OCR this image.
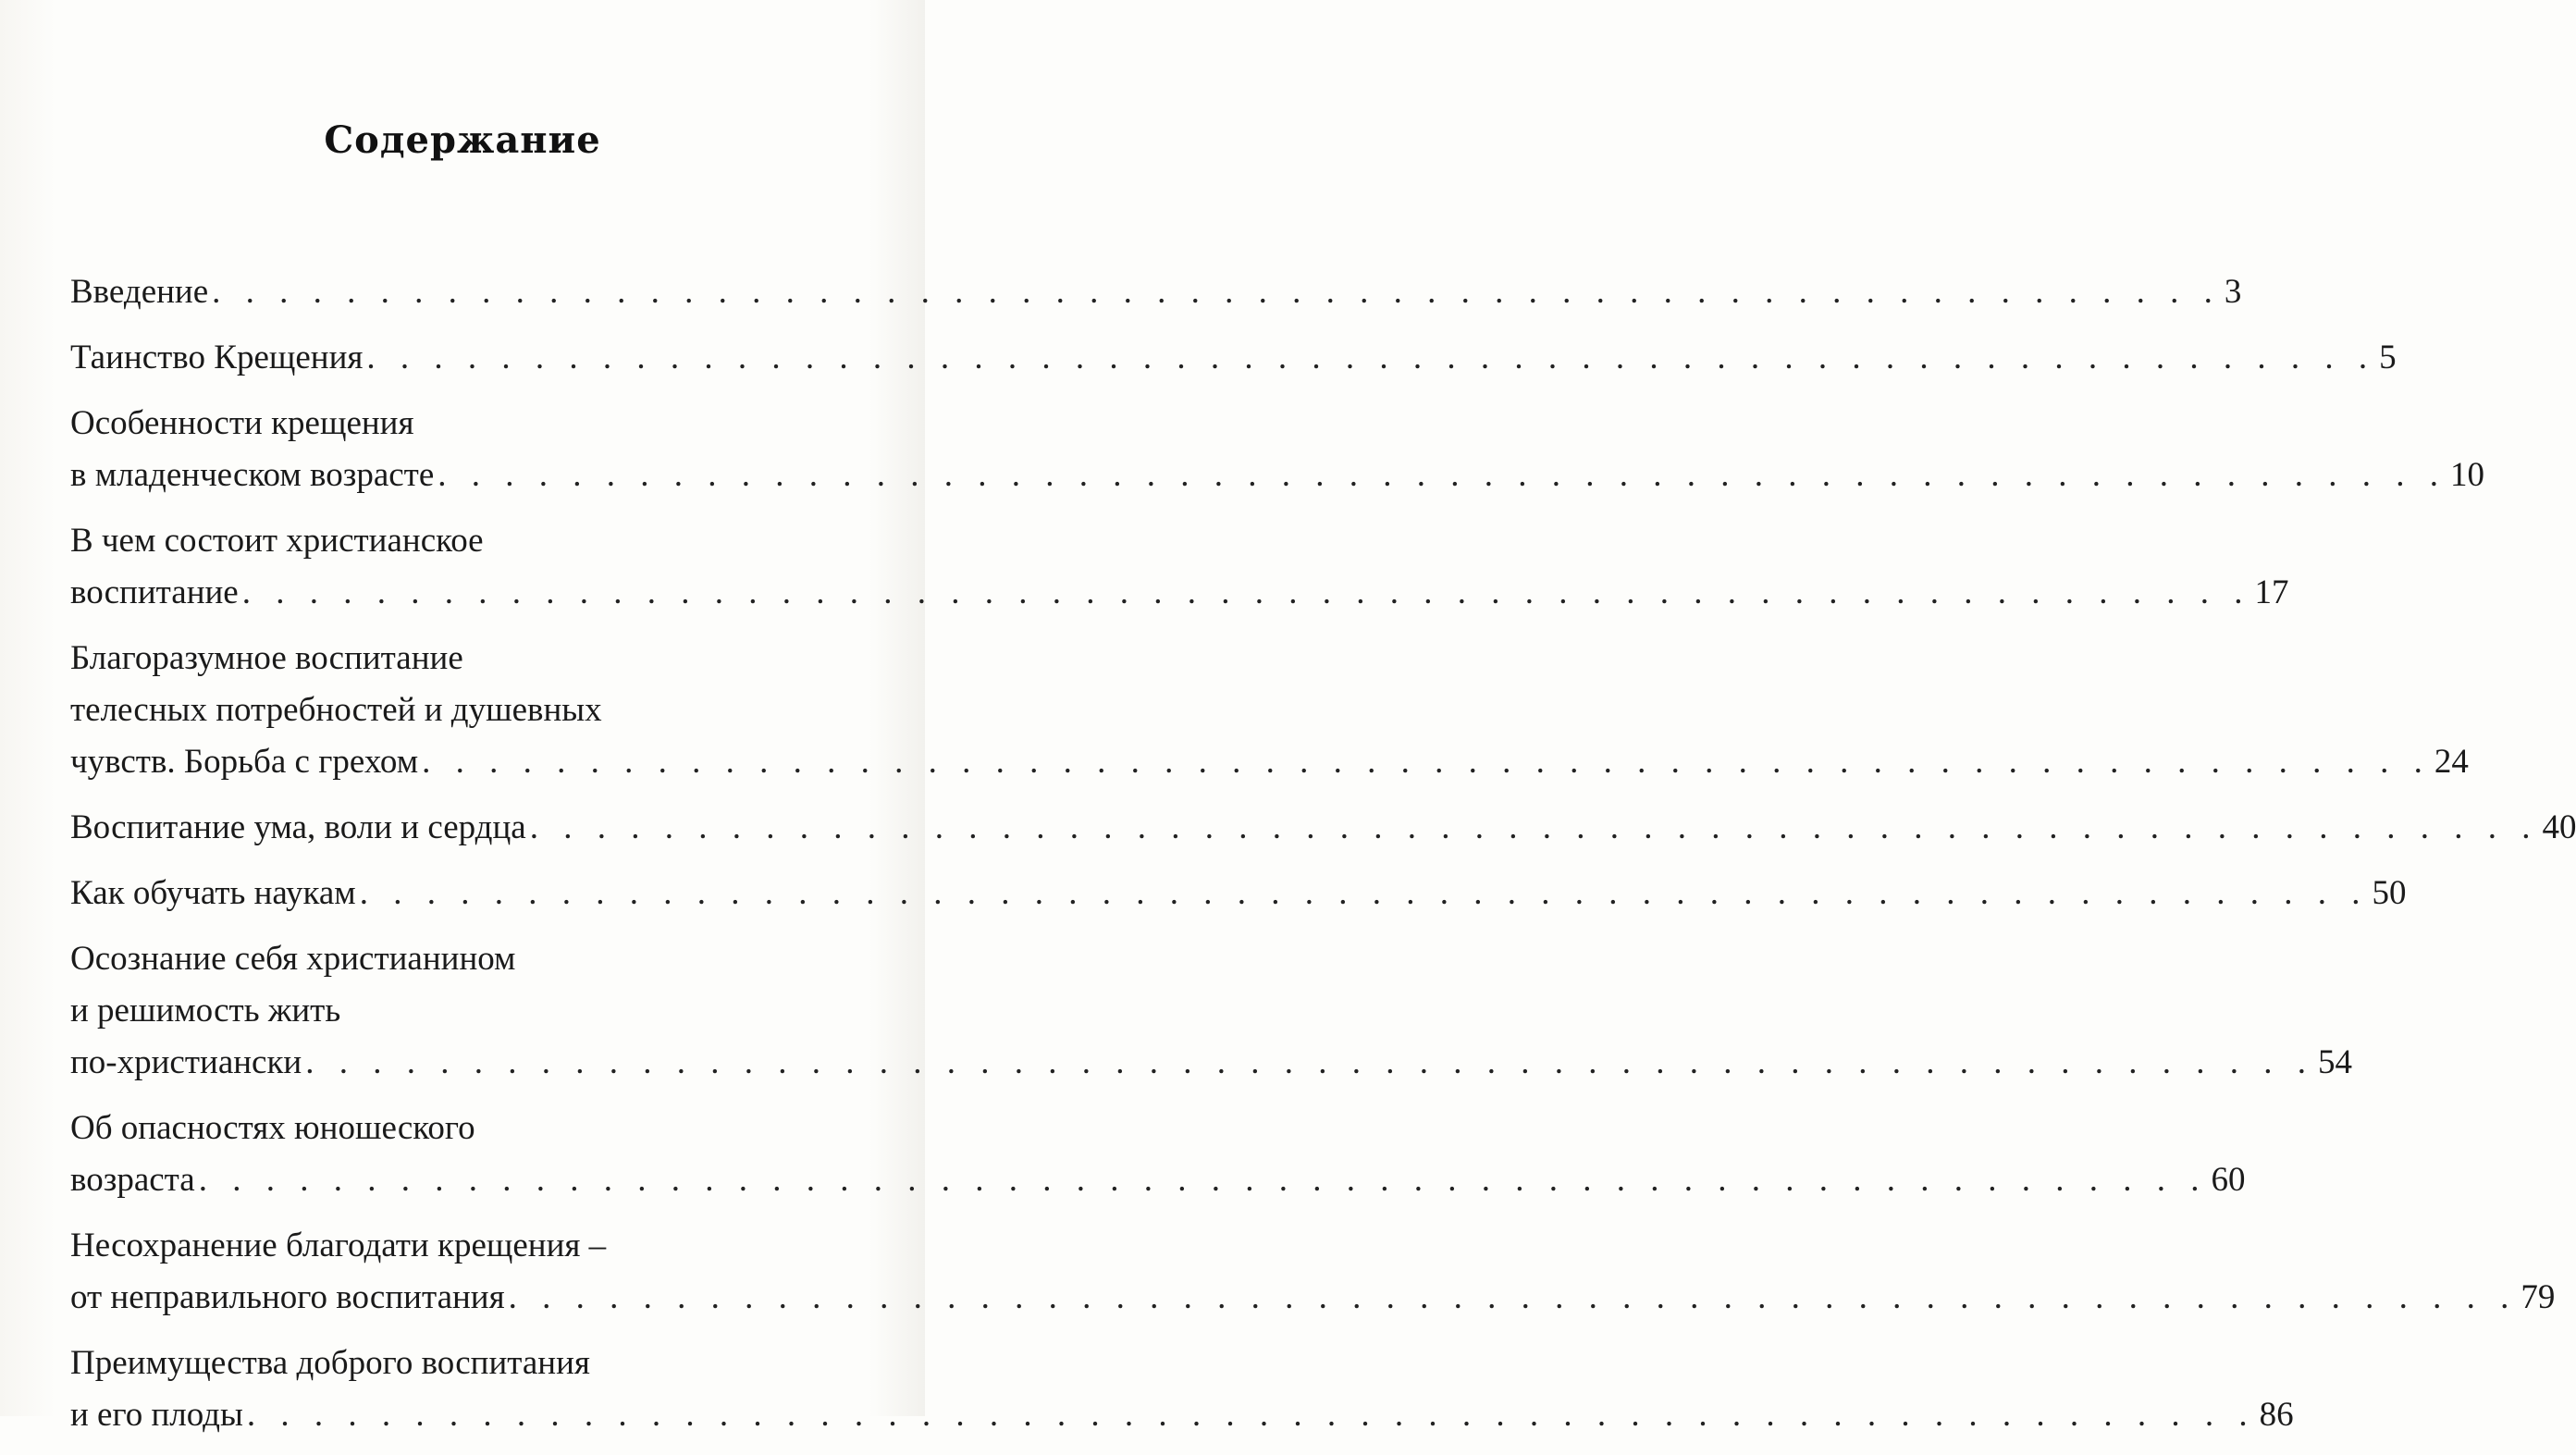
Содержание
Введение . . . . . . . . . . . . . . . . . . . . . . . . . . . . . . . . . . . . . . . . . . . . . . . . . . . . . . . . . . . . 3
Таинство Крещения . . . . . . . . . . . . . . . . . . . . . . . . . . . . . . . . . . . . . . . . . . . . . . . . . . . . . . . . . . . . 5
Особенности крещения
в младенческом возрасте . . . . . . . . . . . . . . . . . . . . . . . . . . . . . . . . . . . . . . . . . . . . . . . . . . . . . . . . . . . . 10
В чем состоит христианское
воспитание . . . . . . . . . . . . . . . . . . . . . . . . . . . . . . . . . . . . . . . . . . . . . . . . . . . . . . . . . . . . 17
Благоразумное воспитание
телесных потребностей и душевных
чувств. Борьба с грехом . . . . . . . . . . . . . . . . . . . . . . . . . . . . . . . . . . . . . . . . . . . . . . . . . . . . . . . . . . . . 24
Воспитание ума, воли и сердца . . . . . . . . . . . . . . . . . . . . . . . . . . . . . . . . . . . . . . . . . . . . . . . . . . . . . . . . . . . . 40
Как обучать наукам . . . . . . . . . . . . . . . . . . . . . . . . . . . . . . . . . . . . . . . . . . . . . . . . . . . . . . . . . . . . 50
Осознание себя христианином
и решимость жить
по-христиански . . . . . . . . . . . . . . . . . . . . . . . . . . . . . . . . . . . . . . . . . . . . . . . . . . . . . . . . . . . . 54
Об опасностях юношеского
возраста . . . . . . . . . . . . . . . . . . . . . . . . . . . . . . . . . . . . . . . . . . . . . . . . . . . . . . . . . . . . 60
Несохранение благодати крещения –
от неправильного воспитания . . . . . . . . . . . . . . . . . . . . . . . . . . . . . . . . . . . . . . . . . . . . . . . . . . . . . . . . . . . . 79
Преимущества доброго воспитания
и его плоды . . . . . . . . . . . . . . . . . . . . . . . . . . . . . . . . . . . . . . . . . . . . . . . . . . . . . . . . . . . . 86
